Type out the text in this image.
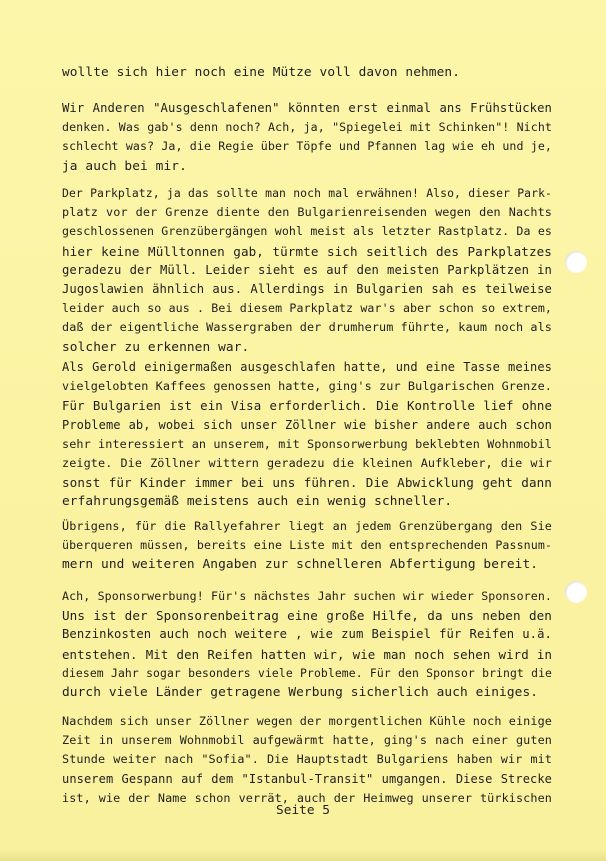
wollte sich hier noch eine Mütze voll davon nehmen.
Wir Anderen "Ausgeschlafenen" könnten erst einmal ans Frühstücken
denken. Was gab's denn noch? Ach, ja, "Spiegelei mit Schinken"! Nicht
schlecht was? Ja, die Regie über Töpfe und Pfannen lag wie eh und je,
ja auch bei mir.
Der Parkplatz, ja das sollte man noch mal erwähnen! Also, dieser Park-
platz vor der Grenze diente den Bulgarienreisenden wegen den Nachts
geschlossenen Grenzübergängen wohl meist als letzter Rastplatz. Da es
hier keine Mülltonnen gab, türmte sich seitlich des Parkplatzes
geradezu der Müll. Leider sieht es auf den meisten Parkplätzen in
Jugoslawien ähnlich aus. Allerdings in Bulgarien sah es teilweise
leider auch so aus . Bei diesem Parkplatz war's aber schon so extrem,
daß der eigentliche Wassergraben der drumherum führte, kaum noch als
solcher zu erkennen war.
Als Gerold einigermaßen ausgeschlafen hatte, und eine Tasse meines
vielgelobten Kaffees genossen hatte, ging's zur Bulgarischen Grenze.
Für Bulgarien ist ein Visa erforderlich. Die Kontrolle lief ohne
Probleme ab, wobei sich unser Zöllner wie bisher andere auch schon
sehr interessiert an unserem, mit Sponsorwerbung beklebten Wohnmobil
zeigte. Die Zöllner wittern geradezu die kleinen Aufkleber, die wir
sonst für Kinder immer bei uns führen. Die Abwicklung geht dann
erfahrungsgemäß meistens auch ein wenig schneller.
Übrigens, für die Rallyefahrer liegt an jedem Grenzübergang den Sie
überqueren müssen, bereits eine Liste mit den entsprechenden Passnum-
mern und weiteren Angaben zur schnelleren Abfertigung bereit.
Ach, Sponsorwerbung! Für's nächstes Jahr suchen wir wieder Sponsoren.
Uns ist der Sponsorenbeitrag eine große Hilfe, da uns neben den
Benzinkosten auch noch weitere , wie zum Beispiel für Reifen u.ä.
entstehen. Mit den Reifen hatten wir, wie man noch sehen wird in
diesem Jahr sogar besonders viele Probleme. Für den Sponsor bringt die
durch viele Länder getragene Werbung sicherlich auch einiges.
Nachdem sich unser Zöllner wegen der morgentlichen Kühle noch einige
Zeit in unserem Wohnmobil aufgewärmt hatte, ging's nach einer guten
Stunde weiter nach "Sofia". Die Hauptstadt Bulgariens haben wir mit
unserem Gespann auf dem "Istanbul-Transit" umgangen. Diese Strecke
ist, wie der Name schon verrät, auch der Heimweg unserer türkischen
Seite 5
